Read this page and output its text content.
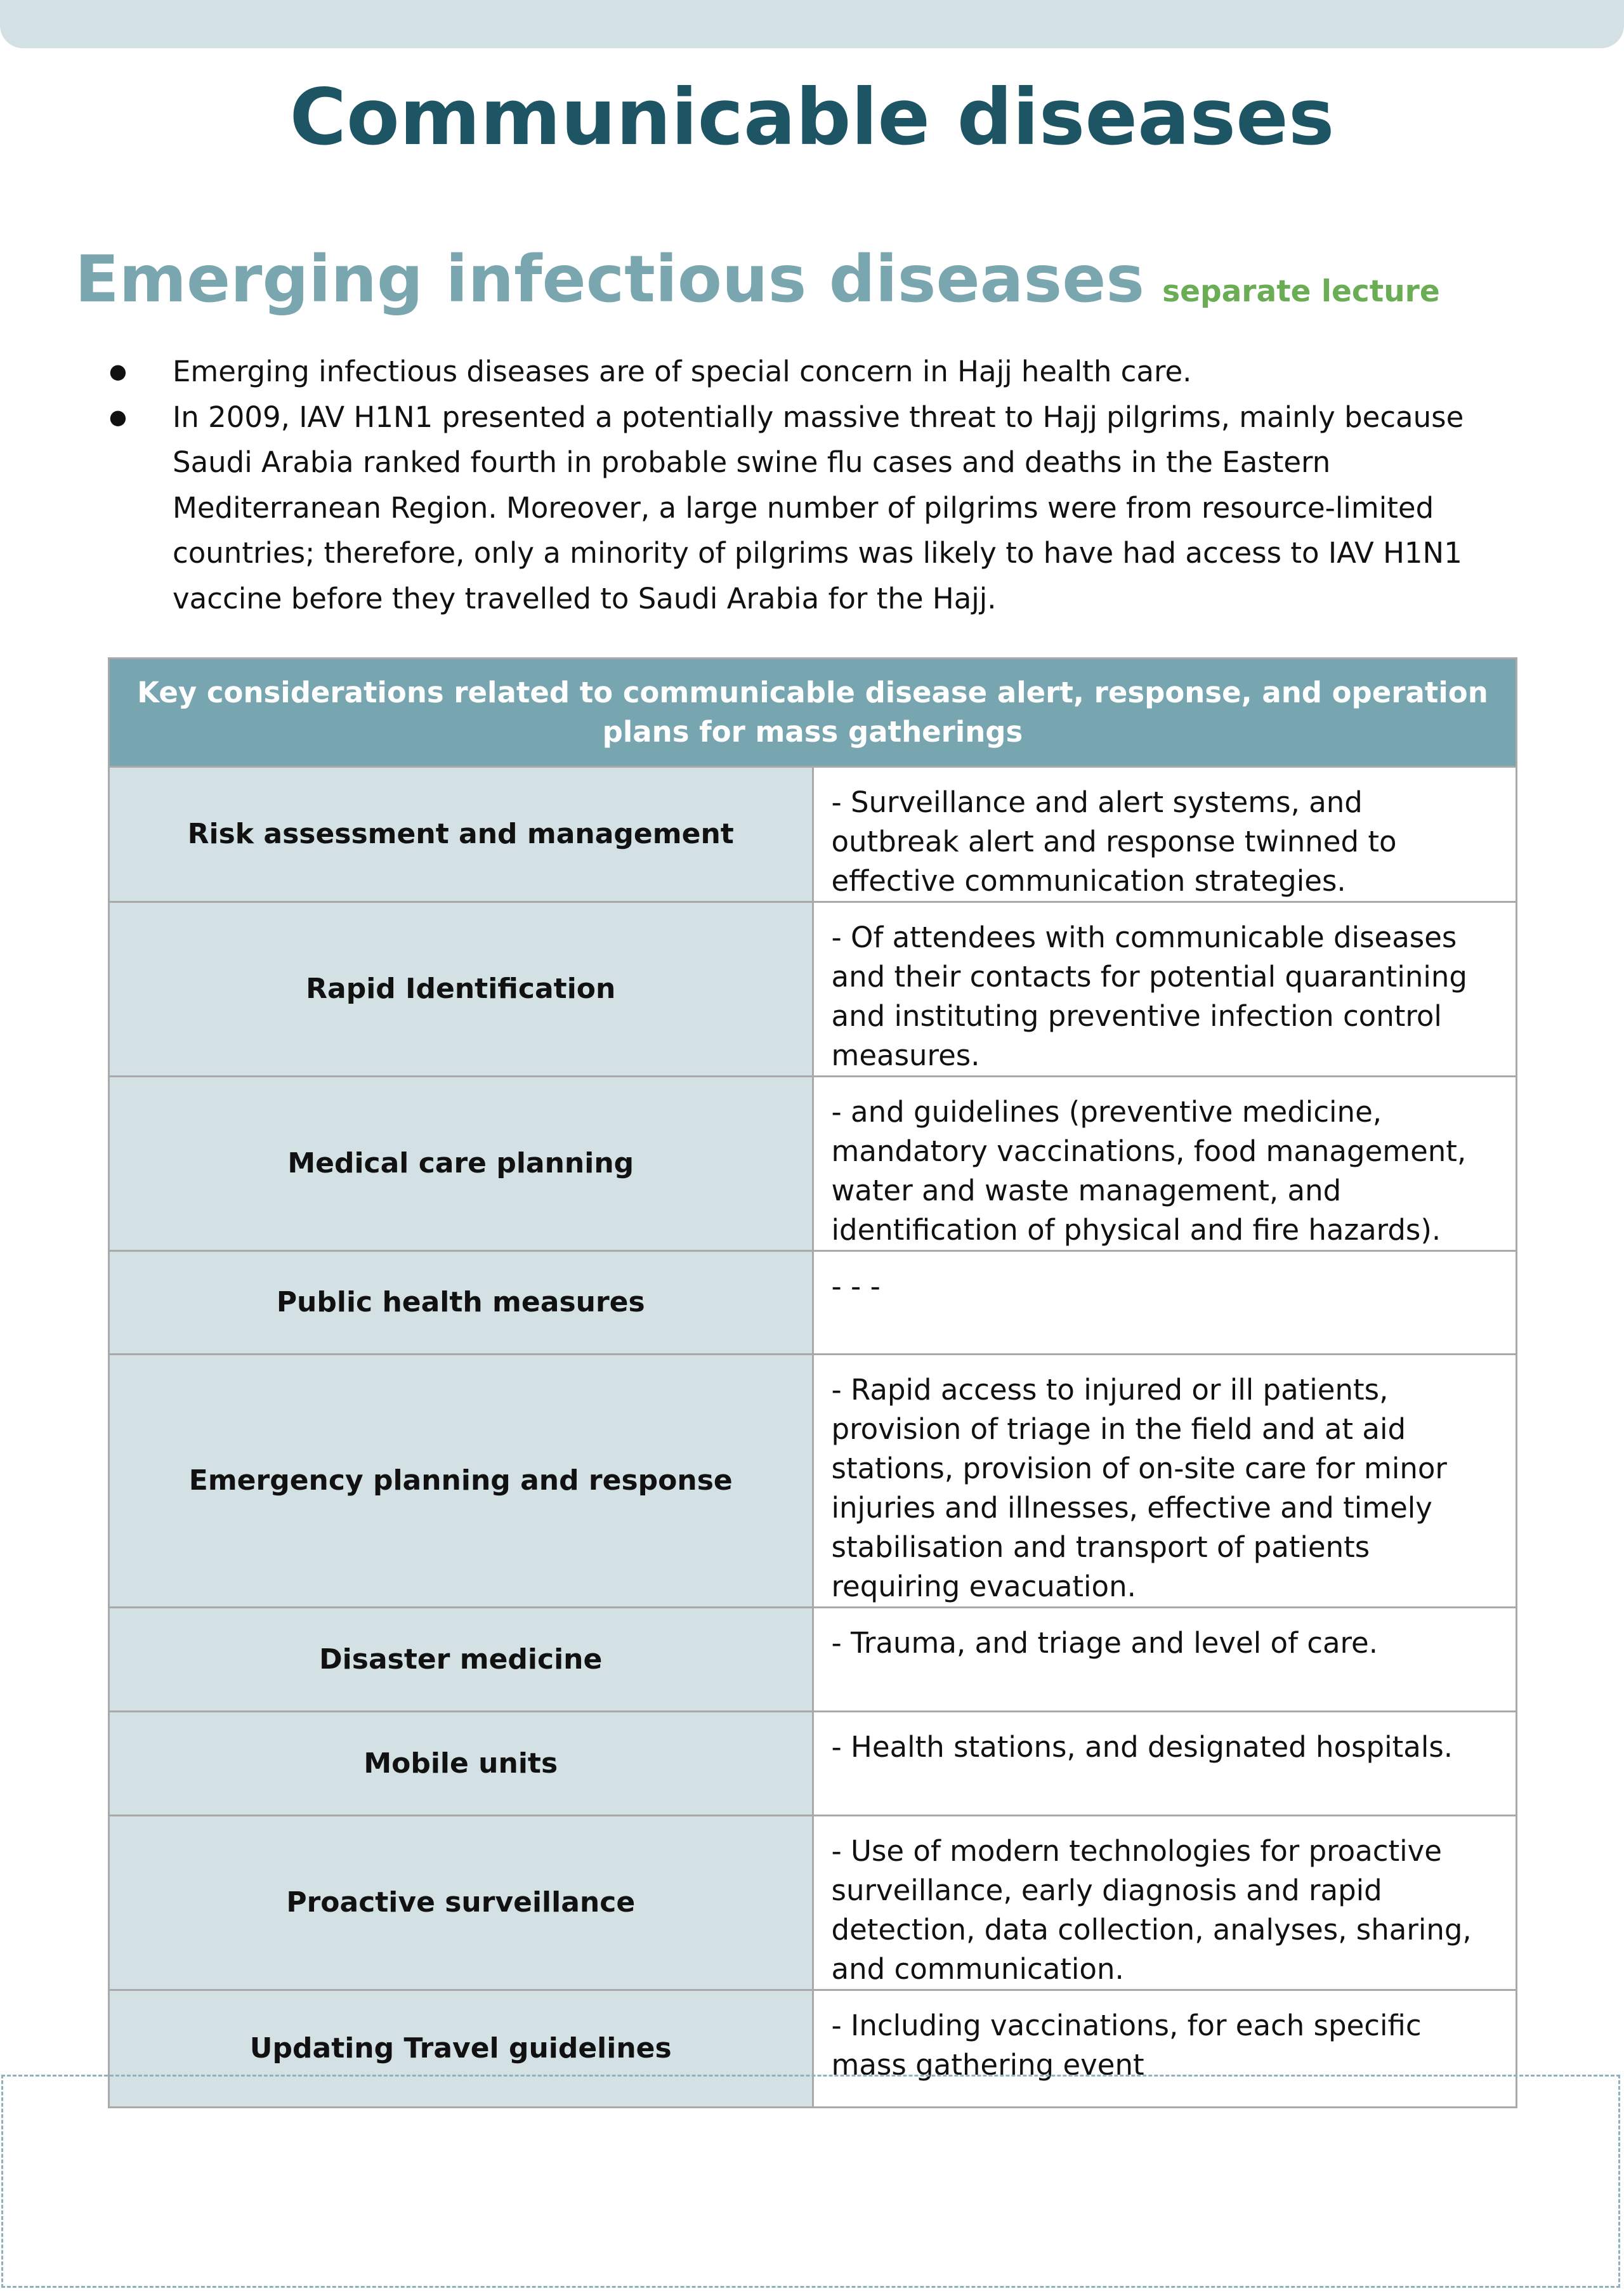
Communicable diseases
Emerging infectious diseases separate lecture
● Emerging infectious diseases are of special concern in Hajj health care.
● In 2009, IAV H1N1 presented a potentially massive threat to Hajj pilgrims, mainly because Saudi Arabia ranked fourth in probable swine flu cases and deaths in the Eastern Mediterranean Region. Moreover, a large number of pilgrims were from resource-limited countries; therefore, only a minority of pilgrims was likely to have had access to IAV H1N1 vaccine before they travelled to Saudi Arabia for the Hajj.
Key considerations related to communicable disease alert, response, and operation plans for mass gatherings	
Risk assessment and management	- Surveillance and alert systems, and outbreak alert and response twinned to effective communication strategies.
Rapid Identification	- Of attendees with communicable diseases and their contacts for potential quarantining and instituting preventive infection control measures.
Medical care planning	- and guidelines (preventive medicine, mandatory vaccinations, food management, water and waste management, and identification of physical and fire hazards).
Public health measures	- - -
Emergency planning and response	- Rapid access to injured or ill patients, provision of triage in the field and at aid stations, provision of on-site care for minor injuries and illnesses, effective and timely stabilisation and transport of patients requiring evacuation.
Disaster medicine	- Trauma, and triage and level of care.
Mobile units	- Health stations, and designated hospitals.
Proactive surveillance	- Use of modern technologies for proactive surveillance, early diagnosis and rapid detection, data collection, analyses, sharing, and communication.
Updating Travel guidelines	- Including vaccinations, for each specific mass gathering event
